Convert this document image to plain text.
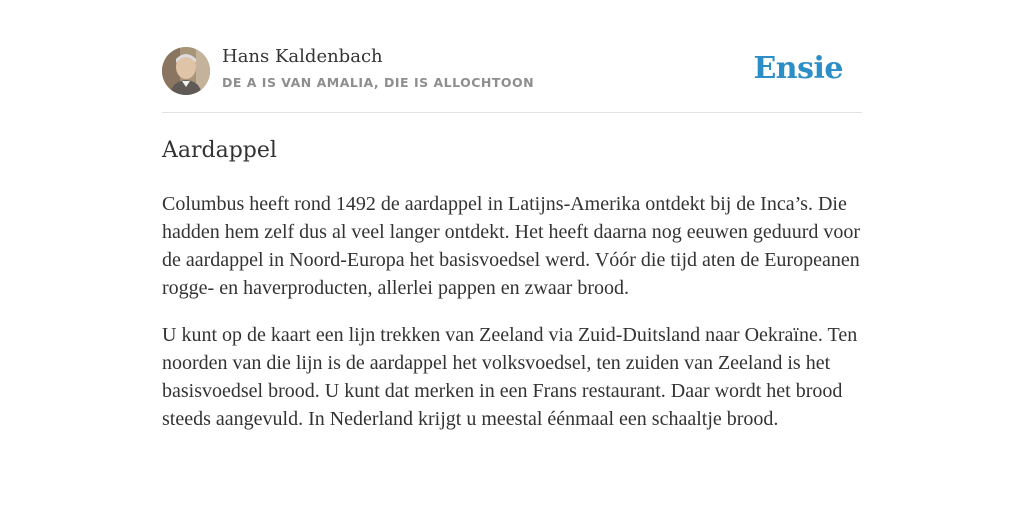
Hans Kaldenbach
DE A IS VAN AMALIA, DIE IS ALLOCHTOON	Ensie
Aardappel

Columbus heeft rond 1492 de aardappel in Latijns-Amerika ontdekt bij de Inca’s. Die hadden hem zelf dus al veel langer ontdekt. Het heeft daarna nog eeuwen geduurd voor de aardappel in Noord-Europa het basisvoedsel werd. Vóór die tijd aten de Europeanen rogge- en haverproducten, allerlei pappen en zwaar brood.

U kunt op de kaart een lijn trekken van Zeeland via Zuid-Duitsland naar Oekraïne. Ten noorden van die lijn is de aardappel het volksvoedsel, ten zuiden van Zeeland is het basisvoedsel brood. U kunt dat merken in een Frans restaurant. Daar wordt het brood steeds aangevuld. In Nederland krijgt u meestal éénmaal een schaaltje brood.
